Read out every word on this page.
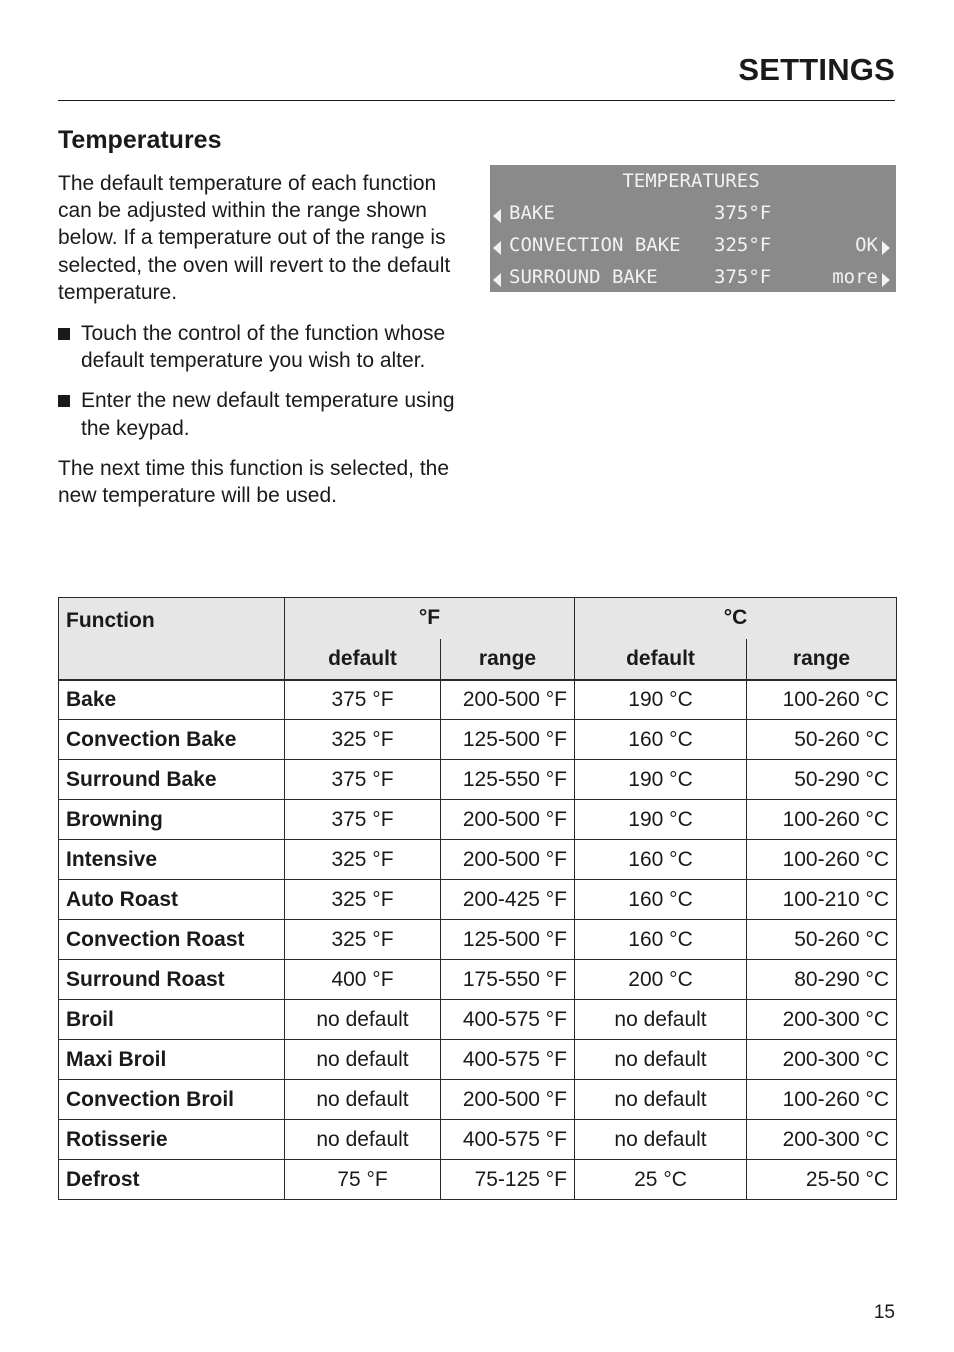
SETTINGS
Temperatures

The default temperature of each function can be adjusted within the range shown below. If a temperature out of the range is selected, the oven will revert to the default temperature.

Touch the control of the function whose default temperature you wish to alter.
Enter the new default temperature using the keypad.

The next time this function is selected, the new temperature will be used.

TEMPERATURES
BAKE	375°F
CONVECTION BAKE 325°F	OK
SURROUND BAKE	375°F	more
Function	°F		°C	
	default	range	default	range
Bake	375 °F	200-500 °F	190 °C	100-260 °C
Convection Bake	325 °F	125-500 °F	160 °C	50-260 °C
Surround Bake	375 °F	125-550 °F	190 °C	50-290 °C
Browning	375 °F	200-500 °F	190 °C	100-260 °C
Intensive	325 °F	200-500 °F	160 °C	100-260 °C
Auto Roast	325 °F	200-425 °F	160 °C	100-210 °C
Convection Roast	325 °F	125-500 °F	160 °C	50-260 °C
Surround Roast	400 °F	175-550 °F	200 °C	80-290 °C
Broil	no default	400-575 °F	no default	200-300 °C
Maxi Broil	no default	400-575 °F	no default	200-300 °C
Convection Broil	no default	200-500 °F	no default	100-260 °C
Rotisserie	no default	400-575 °F	no default	200-300 °C
Defrost	75 °F	75-125 °F	25 °C	25-50 °C
15
